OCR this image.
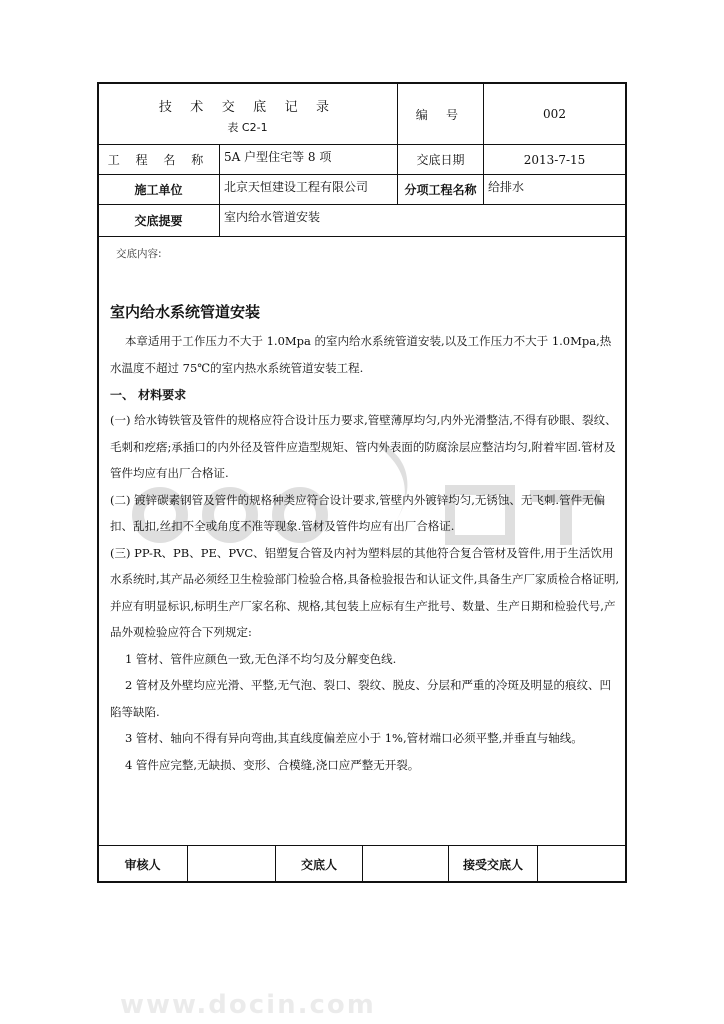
技 术 交 底 记 录
表 C2-1
编 号	002
工 程 名 称	5A 户型住宅等 8 项	交底日期	2013-7-15
施工单位	北京天恒建设工程有限公司	分项工程名称 给排水
交底提要	室内给水管道安装
www.docin.com
交底内容:
室内给水系统管道安装

本章适用于工作压力不大于 1.0Mpa 的室内给水系统管道安装,以及工作压力不大于 1.0Mpa,热水温度不超过 75℃的室内热水系统管道安装工程.

一、 材料要求

(一) 给水铸铁管及管件的规格应符合设计压力要求,管壁薄厚均匀,内外光滑整洁,不得有砂眼、裂纹、毛刺和疙瘩;承插口的内外径及管件应造型规矩、管内外表面的防腐涂层应整洁均匀,附着牢固.管材及管件均应有出厂合格证.

(二) 镀锌碳素钢管及管件的规格种类应符合设计要求,管壁内外镀锌均匀,无锈蚀、无飞刺.管件无偏扣、乱扣,丝扣不全或角度不准等现象.管材及管件均应有出厂合格证.

(三) PP-R、PB、PE、PVC、铝塑复合管及内衬为塑料层的其他符合复合管材及管件,用于生活饮用水系统时,其产品必须经卫生检验部门检验合格,具备检验报告和认证文件,具备生产厂家质检合格证明,并应有明显标识,标明生产厂家名称、规格,其包装上应标有生产批号、数量、生产日期和检验代号,产品外观检验应符合下列规定:

1 管材、管件应颜色一致,无色泽不均匀及分解变色线.

2 管材及外壁均应光滑、平整,无气泡、裂口、裂纹、脱皮、分层和严重的冷斑及明显的痕纹、凹陷等缺陷.

3 管材、轴向不得有异向弯曲,其直线度偏差应小于 1%,管材端口必须平整,并垂直与轴线。

4 管件应完整,无缺损、变形、合模缝,浇口应严整无开裂。

审核人	交底人	接受交底人
